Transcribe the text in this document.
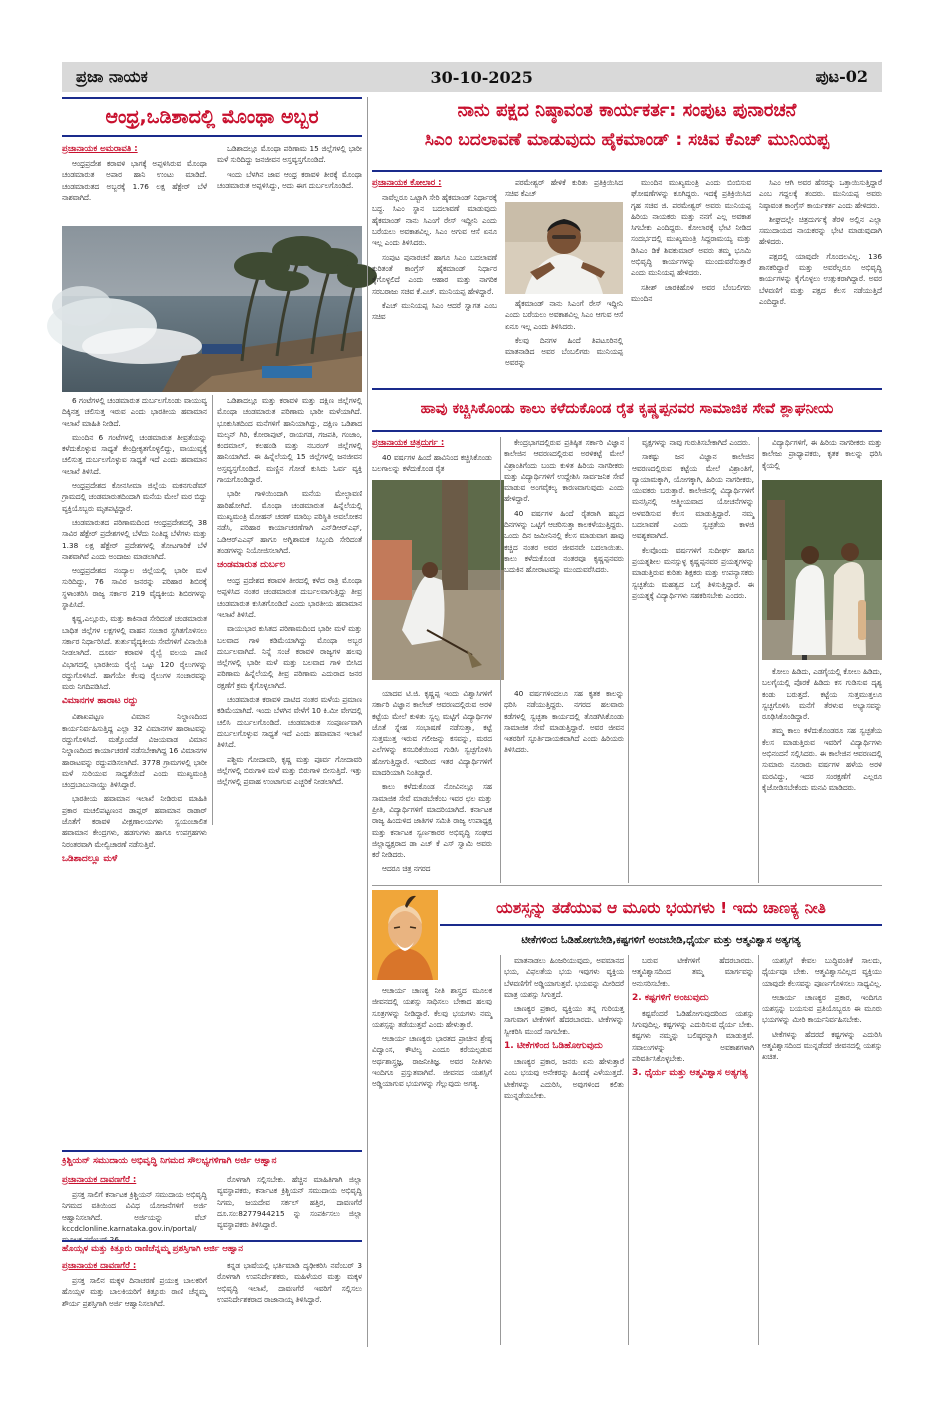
ಪ್ರಜಾ ನಾಯಕ	30-10-2025	ಪುಟ-02
ಆಂಧ್ರ,ಒಡಿಶಾದಲ್ಲಿ ಮೊಂಥಾ ಅಬ್ಬರ
ಪ್ರಜಾನಾಯಕ ಅಮರಾವತಿ :

ಆಂಧ್ರಪ್ರದೇಶ ಕರಾವಳಿ ಭಾಗಕ್ಕೆ ಅಪ್ಪಳಿಸಿರುವ ಮೊಂಥಾ ಚಂಡಮಾರುತ ಅಪಾರ ಹಾನಿ ಉಂಟು ಮಾಡಿದೆ. ಚಂಡಮಾರುತದ ಅಬ್ಬರಕ್ಕೆ 1.76 ಲಕ್ಷ ಹೆಕ್ಟೇರ್ ಬೆಳೆ ನಾಶವಾಗಿದೆ.

ಒಡಿಶಾದಲ್ಲೂ ಮೊಂಥಾ ಪರಿಣಾಮ 15 ಜಿಲ್ಲೆಗಳಲ್ಲಿ ಭಾರೀ ಮಳೆ ಸುರಿದಿದ್ದು ಜನಜೀವನ ಅಸ್ತವ್ಯಸ್ತಗೊಂಡಿದೆ.

ಇಂದು ಬೆಳಗಿನ ಜಾವ ಆಂಧ್ರ ಕರಾವಳಿ ತೀರಕ್ಕೆ ಮೊಂಥಾ ಚಂಡಮಾರುತ ಅಪ್ಪಳಿಸಿದ್ದು, ಅದು ಈಗ ದುರ್ಬಲಗೊಂಡಿದೆ.

6 ಗಂಟೆಗಳಲ್ಲಿ ಚಂಡಮಾರುತ ದುರ್ಬಲಗೊಂಡು ವಾಯುವ್ಯ ದಿಕ್ಕಿನತ್ತ ಚಲಿಸುತ್ತ ಇರುವ ಎಂದು ಭಾರತೀಯ ಹವಾಮಾನ ಇಲಾಖೆ ಮಾಹಿತಿ ನೀಡಿದೆ.

ಮುಂದಿನ 6 ಗಂಟೆಗಳಲ್ಲಿ ಚಂಡಮಾರುತ ತೀವ್ರತೆಯನ್ನು ಕಳೆದುಕೊಳ್ಳುವ ಸಾಧ್ಯತೆ ಕೇಂದ್ರೀಕೃತಗೊಳ್ಳಲಿದ್ದು, ವಾಯುವ್ಯಕ್ಕೆ ಚಲಿಸುತ್ತ ದುರ್ಬಲಗೊಳ್ಳುವ ಸಾಧ್ಯತೆ ಇದೆ ಎಂದು ಹವಾಮಾನ ಇಲಾಖೆ ತಿಳಿಸಿದೆ.

ಆಂಧ್ರಪ್ರದೇಶದ ಕೋನಸೀಮಾ ಜಿಲ್ಲೆಯ ಮಕನಗುಡೆಮ್ ಗ್ರಾಮದಲ್ಲಿ ಚಂಡಮಾರುತದಿಂದಾಗಿ ಮನೆಯ ಮೇಲೆ ಮರ ಬಿದ್ದು ವ್ಯಕ್ತಿಯೊಬ್ಬರು ಮೃತಪಟ್ಟಿದ್ದಾರೆ.

ಚಂಡಮಾರುತದ ಪರಿಣಾಮದಿಂದ ಆಂಧ್ರಪ್ರದೇಶದಲ್ಲಿ 38 ಸಾವಿರ ಹೆಕ್ಟೇರ್ ಪ್ರದೇಶಗಳಲ್ಲಿ ಬೆಳೆದು ನಿಂತಿದ್ದ ಬೆಳೆಗಳು ಮತ್ತು 1.38 ಲಕ್ಷ ಹೆಕ್ಟೇರ್ ಪ್ರದೇಶಗಳಲ್ಲಿ ತೋಟಗಾರಿಕೆ ಬೆಳೆ ನಾಶವಾಗಿವೆ ಎಂದು ಅಂದಾಜು ಮಾಡಲಾಗಿದೆ.

ಆಂಧ್ರಪ್ರದೇಶದ ನಂದ್ಯಾಲ ಜಿಲ್ಲೆಯಲ್ಲಿ ಭಾರೀ ಮಳೆ ಸುರಿದಿದ್ದು, 76 ಸಾವಿರ ಜನರನ್ನು ಪರಿಹಾರ ಶಿಬಿರಕ್ಕೆ ಸ್ಥಳಾಂತರಿಸಿ ರಾಜ್ಯ ಸರ್ಕಾರ 219 ವೈದ್ಯಕೀಯ ಶಿಬಿರಗಳನ್ನು ಸ್ಥಾಪಿಸಿದೆ.

ಕೃಷ್ಣ,ಎಲ್ಲೂರು, ಮತ್ತು ಕಾಕಿನಾಡ ಸೇರಿದಂತೆ ಚಂಡಮಾರುತ ಬಾಧಿತ ಜಿಲ್ಲೆಗಳ ಲಕ್ಷಗಳಲ್ಲಿ ವಾಹನ ಸಂಚಾರ ಸ್ಥಗಿತಗೊಳಿಸಲು ಸರ್ಕಾರ ನಿರ್ಧಾರಿಸಿದೆ. ತುರ್ತುವೈದ್ಯಕೀಯ ಸೇವೆಗಳಿಗೆ ವಿನಾಯಿತಿ ನೀಡಲಾಗಿದೆ. ದೂರ್ವ ಕರಾವಳಿ ರೈಲ್ವೆ ವಲಯ ಪಾಣಿ ವಿಭಾಗದಲ್ಲಿ ಭಾರತೀಯ ರೈಲ್ವೆ ಒಟ್ಟು 120 ರೈಲುಗಳನ್ನು ರದ್ದುಗೊಳಿಸಿದೆ. ಹಾಗೆಯೇ ಕೆಲವು ರೈಲುಗಳ ಸಂಚಾರವನ್ನು ಮರು ನಿಗದಿಪಡಿಸಿದೆ.

ವಿಮಾನಗಳ ಹಾರಾಟ ರದ್ದು

ವಿಶಾಖಪಟ್ಟಣ ವಿಮಾನ ನಿಲ್ದಾಣದಿಂದ ಕಾರ್ಯನಿರ್ವಹಿಸುತ್ತಿದ್ದ ಎಲ್ಲಾ 32 ವಿಮಾನಗಳ ಹಾರಾಟವನ್ನು ರದ್ದುಗೊಳಿಸಿದೆ. ಮತ್ತೊಂದೆಡೆ ವಿಜಯವಾಡ ವಿಮಾನ ನಿಲ್ದಾಣದಿಂದ ಕಾರ್ಯಾಚರಣೆ ನಡೆಸಬೇಕಾಗಿದ್ದ 16 ವಿಮಾನಗಳ ಹಾರಾಟವನ್ನು ರದ್ದುಪಡಿಸಲಾಗಿದೆ. 3778 ಗ್ರಾಮಗಳಲ್ಲಿ ಭಾರೀ ಮಳೆ ಸುರಿಯುವ ಸಾಧ್ಯತೆಯಿದೆ ಎಂದು ಮುಖ್ಯಮಂತ್ರಿ ಚಂದ್ರಬಾಬುನಾಯ್ಡು ತಿಳಿಸಿದ್ದಾರೆ.

ಭಾರತೀಯ ಹವಾಮಾನ ಇಲಾಖೆ ನೀಡಿರುವ ಮಾಹಿತಿ ಪ್ರಕಾರ ಮಚಲಿಪಟ್ಟಣಂನ ಡಾಪ್ಲರ್ ಹವಾಮಾನ ರಾಡಾರ್ ಜೊತೆಗೆ ಕರಾವಳಿ ವೀಕ್ಷಣಾಲಯಗಳು ಸ್ವಯಂಚಾಲಿತ ಹವಾಮಾನ ಕೇಂದ್ರಗಳು, ಹಡಗುಗಳು ಹಾಗೂ ಉಪಗ್ರಹಗಳು ನಿರಂತರವಾಗಿ ಮೇಲ್ವಿಚಾರಣೆ ನಡೆಸುತ್ತಿವೆ.

ಒಡಿಶಾದಲ್ಲೂ ಮಳೆ

ಒಡಿಶಾದಲ್ಲೂ ಮತ್ತು ಕರಾವಳಿ ಮತ್ತು ದಕ್ಷಿಣ ಜಿಲ್ಲೆಗಳಲ್ಲಿ ಮೊಂಥಾ ಚಂಡಮಾರುತ ಪರಿಣಾಮ ಭಾರೀ ಮಳೆಯಾಗಿದೆ. ಭೂಕುಸಿತದಿಂದ ಮನೆಗಳಿಗೆ ಹಾನಿಯಾಗಿದ್ದು, ದಕ್ಷಿಣ ಒಡಿಶಾದ ಮಲ್ಕನ್ ಗಿರಿ, ಕೋರಾಪುಟ್, ರಾಯಗಡ, ಗಜಪತಿ, ಗಂಜಾಂ, ಕಂದಮಾಲ್, ಕಲಹಂಡಿ ಮತ್ತು ನಬರಂಗ್ ಜಿಲ್ಲೆಗಳಲ್ಲಿ ಹಾನಿಯಾಗಿದೆ. ಈ ಹಿನ್ನೆಲೆಯಲ್ಲಿ 15 ಜಿಲ್ಲೆಗಳಲ್ಲಿ ಜನಜೀವನ ಅಸ್ತವ್ಯಸ್ತಗೊಂಡಿದೆ. ಮಣ್ಣಿನ ಗೋಡೆ ಕುಸಿದು ಓರ್ವ ವ್ಯಕ್ತಿ ಗಾಯಗೊಂಡಿದ್ದಾರೆ.

ಭಾರೀ ಗಾಳಿಯಿಂದಾಗಿ ಮನೆಯ ಮೇಲ್ಛಾವಣಿ ಹಾರಿಹೋಗಿದೆ. ಮೊಂಥಾ ಚಂಡಮಾರುತ ಹಿನ್ನೆಲೆಯಲ್ಲಿ ಮುಖ್ಯಮಂತ್ರಿ ಮೋಹನ್ ಚರಣ್ ಮಾಝಿ ಪರಿಸ್ಥಿತಿ ಅವಲೋಕನ ನಡೆಸಿ, ಪರಿಹಾರ ಕಾರ್ಯಾಚರಣೆಗಾಗಿ ಎನ್‌ಡಿಆರ್‌ಎಫ್, ಒಡಿಆರ್‌ಎಎಫ್ ಹಾಗೂ ಅಗ್ನಿಶಾಮಕ ಸಿಬ್ಬಂದಿ ಸೇರಿದಂತೆ ತಂಡಗಳನ್ನು ನಿಯೋಜಿಸಲಾಗಿದೆ.

ಚಂಡಮಾರುತ ದುರ್ಬಲ

ಆಂಧ್ರ ಪ್ರದೇಶದ ಕರಾವಳಿ ತೀರದಲ್ಲಿ ಕಳೆದ ರಾತ್ರಿ ಮೊಂಥಾ ಅಪ್ಪಳಿಸಿದ ನಂತರ ಚಂಡಮಾರುತ ದುರ್ಬಲವಾಗುತ್ತಿದ್ದು ತೀವ್ರ ಚಂಡಮಾರುತ ಕುಸಿತಗೊಂಡಿದೆ ಎಂದು ಭಾರತೀಯ ಹವಾಮಾನ ಇಲಾಖೆ ತಿಳಿಸಿದೆ.

ವಾಯುಭಾರ ಕುಸಿತದ ಪರಿಣಾಮದಿಂದ ಭಾರೀ ಮಳೆ ಮತ್ತು ಬಲವಾದ ಗಾಳಿ ಕಡಿಮೆಯಾಗಿದ್ದು ಮೊಂಥಾ ಅಬ್ಬರ ದುರ್ಬಲವಾಗಿದೆ. ನಿನ್ನೆ ಸಂಜೆ ಕರಾವಳಿ ರಾಜ್ಯಗಳ ಹಲವು ಜಿಲ್ಲೆಗಳಲ್ಲಿ ಭಾರೀ ಮಳೆ ಮತ್ತು ಬಲವಾದ ಗಾಳಿ ಬೀಸಿದ ಪರಿಣಾಮ ಹಿನ್ನೆಲೆಯಲ್ಲಿ ತೀವ್ರ ಪರಿಣಾಮ ಎದುರಾದ ಜನರ ರಕ್ಷಣೆಗೆ ಕ್ರಮ ಕೈಗೊಳ್ಳಲಾಗಿದೆ.

ಚಂಡಮಾರುತ ಕರಾವಳಿ ದಾಟಿದ ನಂತರ ಮಳೆಯ ಪ್ರಮಾಣ ಕಡಿಮೆಯಾಗಿದೆ. ಇಂದು ಬೆಳಗಿನ ವೇಳೆಗೆ 10 ಕಿ.ಮೀ ವೇಗದಲ್ಲಿ ಚಲಿಸಿ ದುರ್ಬಲಗೊಂಡಿದೆ. ಚಂಡಮಾರುತ ಸಂಪೂರ್ಣವಾಗಿ ದುರ್ಬಲಗೊಳ್ಳುವ ಸಾಧ್ಯತೆ ಇದೆ ಎಂದು ಹವಾಮಾನ ಇಲಾಖೆ ತಿಳಿಸಿದೆ.

ಪಶ್ಚಿಮ ಗೋದಾವರಿ, ಕೃಷ್ಣ ಮತ್ತು ಪೂರ್ವ ಗೋದಾವರಿ ಜಿಲ್ಲೆಗಳಲ್ಲಿ ಬಿರುಗಾಳಿ ಮಳೆ ಮತ್ತು ಬಿರುಗಾಳಿ ಬೀಸುತ್ತಿದೆ. ಇತ್ತು ಜಿಲ್ಲೆಗಳಲ್ಲಿ ಪ್ರವಾಹ ಉಂಟಾಗುವ ಎಚ್ಚರಿಕೆ ನೀಡಲಾಗಿದೆ.

ನಾನು ಪಕ್ಷದ ನಿಷ್ಠಾವಂತ ಕಾರ್ಯಕರ್ತ: ಸಂಪುಟ ಪುನಾರಚನೆ
ಸಿಎಂ ಬದಲಾವಣೆ ಮಾಡುವುದು ಹೈಕಮಾಂಡ್ : ಸಚಿವ ಕೆಎಚ್ ಮುನಿಯಪ್ಪ
ಪ್ರಜಾನಾಯಕ ಕೋಲಾರ :

ನಾವೆಲ್ಲರೂ ಒಟ್ಟಾಗಿ ಸೇರಿ ಹೈಕಮಾಂಡ್ ನಿರ್ಧಾರಕ್ಕೆ ಬದ್ಧ. ಸಿಎಂ ಸ್ಥಾನ ಬದಲಾವಣೆ ಮಾಡುವುದು ಹೈಕಮಾಂಡ್ ನಾನು ಸಿಎಂಗೆ ರೇಸ್ ಇದ್ದೀನಿ ಎಂದು ಬರೆಯಲು ಅವಕಾಶವಿಲ್ಲ. ಸಿಎಂ ಅಗುವ ಆಸೆ ಏನೂ ಇಲ್ಲ ಎಂದು ತಿಳಿಸಿದರು.

ಸಂಪುಟ ಪುನಾರಚನೆ ಹಾಗೂ ಸಿಎಂ ಬದಲಾವಣೆ ಕುರಿತಂತೆ ಕಾಂಗ್ರೆಸ್ ಹೈಕಮಾಂಡ್ ನಿರ್ಧಾರ ಕೈಗೊಳ್ಳಲಿದೆ ಎಂದು ಆಹಾರ ಮತ್ತು ನಾಗರಿಕ ಸರಬರಾಜು ಸಚಿವ ಕೆ.ಎಚ್. ಮುನಿಯಪ್ಪ ಹೇಳಿದ್ದಾರೆ.

ಕೆಎಚ್ ಮುನಿಯಪ್ಪ ಸಿಎಂ ಆದರೆ ಸ್ವಾಗತ ಎಂಬ ಸಚಿವ

ಪರಮೇಶ್ವರ್ ಹೇಳಿಕೆ ಕುರಿತು ಪ್ರತಿಕ್ರಿಯಿಸಿದ ಸಚಿವ ಕೆಎಚ್

ಹೈಕಮಾಂಡ್ ನಾನು ಸಿಎಂಗೆ ರೇಸ್ ಇದ್ದೀನಿ ಎಂದು ಬರೆಯಲು ಅವಕಾಶವಿಲ್ಲ ಸಿಎಂ ಆಗುವ ಆಸೆ ಏನೂ ಇಲ್ಲ ಎಂದು ತಿಳಿಸಿದರು.

ಕೆಲವು ದಿನಗಳ ಹಿಂದೆ ತಿಪಟೂರಿನಲ್ಲಿ ಮಾತನಾಡಿದ ಅವರ ಬೆಂಬಲಿಗರು ಮುನಿಯಪ್ಪ ಅವರನ್ನು

ಮುಂದಿನ ಮುಖ್ಯಮಂತ್ರಿ ಎಂದು ಬಿಂಬಿಸುವ ಘೋಷಣೆಗಳನ್ನು ಕೂಗಿದ್ದರು. ಇದಕ್ಕೆ ಪ್ರತಿಕ್ರಿಯಿಸಿದ ಗೃಹ ಸಚಿವ ಜಿ. ಪರಮೇಶ್ವರ್ ಅವರು ಮುನಿಯಪ್ಪ ಹಿರಿಯ ನಾಯಕರು ಮತ್ತು ನನಗೆ ಎಲ್ಲ ಅವಕಾಶ ಸಿಗಬೇಕು ಎಂದಿದ್ದರು. ಕೋಲಾರಕ್ಕೆ ಭೇಟಿ ನೀಡಿದ ಸಂದರ್ಭದಲ್ಲಿ ಮುಖ್ಯಮಂತ್ರಿ ಸಿದ್ದರಾಮಯ್ಯ ಮತ್ತು ಡಿಸಿಎಂ ಡಿಕೆ ಶಿವಕುಮಾರ್ ಅವರು ತಮ್ಮ ಭೂಮಿ ಅಭಿವೃದ್ಧಿ ಕಾರ್ಯಗಳನ್ನು ಮುಂದುವರೆಸುತ್ತಾರೆ ಎಂದು ಮುನಿಯಪ್ಪ ಹೇಳಿದರು.

ಸತೀಶ್ ಜಾರಕಿಹೊಳಿ ಅವರ ಬೆಂಬಲಿಗರು ಮುಂದಿನ

ಸಿಎಂ ಆಗಿ ಅವರ ಹೆಸರನ್ನು ಒತ್ತಾಯಿಸುತ್ತಿದ್ದಾರೆ ಎಂಬ ಗದ್ದಲಕ್ಕೆ ತಂದರು. ಮುನಿಯಪ್ಪ ಅವರು ನಿಷ್ಠಾವಂತ ಕಾಂಗ್ರೆಸ್ ಕಾರ್ಯಕರ್ತ ಎಂದು ಹೇಳಿದರು.

ಶೀಘ್ರದಲ್ಲೇ ಚಿತ್ರದುರ್ಗಕ್ಕೆ ತೆರಳಿ ಅಲ್ಲಿನ ಎಲ್ಲಾ ಸಮುದಾಯದ ನಾಯಕರನ್ನು ಭೇಟಿ ಮಾಡುವುದಾಗಿ ಹೇಳಿದರು.

ಪಕ್ಷದಲ್ಲಿ ಯಾವುದೇ ಗೊಂದಲವಿಲ್ಲ. 136 ಶಾಸಕರಿದ್ದಾರೆ ಮತ್ತು ಅವರೆಲ್ಲರೂ ಅಭಿವೃದ್ಧಿ ಕಾರ್ಯಗಳನ್ನು ಕೈಗೊಳ್ಳಲು ಉತ್ಸುಕರಾಗಿದ್ದಾರೆ. ಅವರ ಬೆಳವಣಿಗೆ ಮತ್ತು ಪಕ್ಷದ ಕೆಲಸ ನಡೆಯುತ್ತಿದೆ ಎಂದಿದ್ದಾರೆ.

ಹಾವು ಕಚ್ಚಿಸಿಕೊಂಡು ಕಾಲು ಕಳೆದುಕೊಂಡ ರೈತ ಕೃಷ್ಣಪ್ಪನವರ ಸಾಮಾಜಿಕ ಸೇವೆ ಶ್ಲಾಘನೀಯ
ಪ್ರಜಾನಾಯಕ ಚಿತ್ರದುರ್ಗ :

40 ವರ್ಷಗಳ ಹಿಂದೆ ಹಾವಿನಿಂದ ಕಚ್ಚಿಸಿಕೊಂಡು ಬಲಗಾಲನ್ನು ಕಳೆದುಕೊಂಡ ರೈತ

ಕೇಂದ್ರಭಾಗದಲ್ಲಿರುವ ಪ್ರತಿಷ್ಠಿತ ಸರ್ಕಾರಿ ವಿಜ್ಞಾನ ಕಾಲೇಜಿನ ಆವರಣದಲ್ಲಿರುವ ಅರಳಿಕಟ್ಟೆ ಮೇಲೆ ವಿಶ್ರಾಂತಿಗೆಂದು ಬಂದು ಕುಳಿತ ಹಿರಿಯ ನಾಗರೀಕರು ಮತ್ತು ವಿದ್ಯಾರ್ಥಿಗಳಿಗೆ ಉದ್ದೇಶಿಸಿ ಸಾರ್ವಜನಿಕ ಸೇವೆ ಮಾಡುವ ಅಂಗವೈಕಲ್ಯ ಕಾರಣವಾಗುವುದು ಎಂದು ಹೇಳಿದ್ದಾರೆ.

40 ವರ್ಷಗಳ ಹಿಂದೆ ರೈತರಾಗಿ ಹಬ್ಬದ ದಿನಗಳನ್ನು ಒಟ್ಟಿಗೆ ಆಚರಿಸುತ್ತಾ ಕಾಲಕಳೆಯುತ್ತಿದ್ದರು. ಒಂದು ದಿನ ಜಮೀನಿನಲ್ಲಿ ಕೆಲಸ ಮಾಡುವಾಗ ಹಾವು ಕಚ್ಚಿದ ನಂತರ ಅವರ ಜೀವನವೇ ಬದಲಾಯಿತು. ಕಾಲು ಕಳೆದುಕೊಂಡ ನಂತರವೂ ಕೃಷ್ಣಪ್ಪನವರು ಬದುಕಿನ ಹೋರಾಟವನ್ನು ಮುಂದುವರೆಸಿದರು.

ಯಾದವ ಟಿ.ಜಿ. ಕೃಷ್ಣಪ್ಪ ಇಂದು ವಿಶ್ವಾಸಿಗಳಿಗೆ ಸರ್ಕಾರಿ ವಿಜ್ಞಾನ ಕಾಲೇಜ್ ಆವರಣದಲ್ಲಿರುವ ಅರಳಿ ಕಟ್ಟೆಯ ಮೇಲೆ ಕುಳಿತು ಸ್ವಲ್ಪ ಮಟ್ಟಿಗೆ ವಿದ್ಯಾರ್ಥಿಗಳ ಜೊತೆ ಸ್ನೇಹ ಸಂಭಾಷಣೆ ನಡೆಸುತ್ತಾ, ಕಟ್ಟೆ ಸುತ್ತಮುತ್ತ ಇರುವ ಗಲೀಜನ್ನು ಕಸವನ್ನು, ಮರದ ಎಲೆಗಳನ್ನು ಕಸಬರಿಕೆಯಿಂದ ಗುಡಿಸಿ ಸ್ವಚ್ಛಗೊಳಿಸಿ ಹೋಗುತ್ತಿದ್ದಾರೆ. ಇದರಿಂದ ಇತರ ವಿದ್ಯಾರ್ಥಿಗಳಿಗೆ ಮಾದರಿಯಾಗಿ ನಿಂತಿದ್ದಾರೆ.

ಕಾಲು ಕಳೆದುಕೊಂಡ ನೋವಿನಲ್ಲೂ ಸಹ ಸಾಮಾಜಿಕ ಸೇವೆ ಮಾಡಬೇಕೆಂಬ ಇವರ ಛಲ ಮತ್ತು ಪ್ರೀತಿ, ವಿದ್ಯಾರ್ಥಿಗಳಿಗೆ ಮಾದರಿಯಾಗಿದೆ. ಕರ್ನಾಟಕ ರಾಜ್ಯ ಹಿಂದುಳಿದ ಜಾತಿಗಳ ಸಮಿತಿ ರಾಜ್ಯ ಉಪಾಧ್ಯಕ್ಷ ಮತ್ತು ಕರ್ನಾಟಕ ಸ್ವರ್ಣಕಾರರ ಅಭಿವೃದ್ಧಿ ಸಂಘದ ಜಿಲ್ಲಾಧ್ಯಕ್ಷರಾದ ಡಾ ಎಚ್ ಕೆ ಎಸ್ ಸ್ವಾಮಿ ಅವರು ಕರೆ ನೀಡಿದರು.

ಆದರೂ ಚಿತ್ರ ನಗರದ

40 ವರ್ಷಗಳಿಂದಲೂ ಸಹ ಕೃತಕ ಕಾಲನ್ನು ಧರಿಸಿ ನಡೆಯುತ್ತಿದ್ದರು. ನಗರದ ಹಲವಾರು ಕಡೆಗಳಲ್ಲಿ ಸ್ವಚ್ಛತಾ ಕಾರ್ಯದಲ್ಲಿ ತೊಡಗಿಸಿಕೊಂಡು ಸಾಮಾಜಿಕ ಸೇವೆ ಮಾಡುತ್ತಿದ್ದಾರೆ. ಅವರ ಜೀವನ ಇತರರಿಗೆ ಸ್ಫೂರ್ತಿದಾಯಕವಾಗಿದೆ ಎಂದು ಹಿರಿಯರು ತಿಳಿಸಿದರು.

ವೃಕ್ಷಗಳನ್ನು ನಾವು ಗುರುತಿಸಬೇಕಾಗಿದೆ ಎಂದರು.

ಸಾಕಷ್ಟು ಜನ ವಿಜ್ಞಾನ ಕಾಲೇಜಿನ ಆವರಣದಲ್ಲಿರುವ ಕಟ್ಟೆಯ ಮೇಲೆ ವಿಶ್ರಾಂತಿಗೆ, ವ್ಯಾಯಾಮಕ್ಕಾಗಿ, ಯೋಗಕ್ಕಾಗಿ, ಹಿರಿಯ ನಾಗರೀಕರು, ಯುವಕರು ಬರುತ್ತಾರೆ. ಕಾಲೇಜಿನಲ್ಲಿ ವಿದ್ಯಾರ್ಥಿಗಳಿಗೆ ಮನಸ್ಸಿನಲ್ಲಿ ಆತ್ಮೀಯವಾದ ಯೋಚನೆಗಳನ್ನು ಅಳವಡಿಸುವ ಕೆಲಸ ಮಾಡುತ್ತಿದ್ದಾರೆ. ನಮ್ಮ ಬದಲಾವಣೆ ಎಂದು ಸ್ವಚ್ಛತೆಯ ಕಾಳಜಿ ಅವಶ್ಯಕವಾಗಿದೆ.

ಕೆಲವೊಂದು ವರ್ಷಗಳಿಗೆ ಸುದೀರ್ಘ ಹಾಗೂ ಪ್ರಯತ್ನಶೀಲ ಮನಸ್ಸುಳ್ಳ ಕೃಷ್ಣಪ್ಪನವರ ಪ್ರಯತ್ನಗಳನ್ನು ಮಾಡುತ್ತಿರುವ ಕುರಿತು ಶಿಕ್ಷಕರು ಮತ್ತು ಉಪನ್ಯಾಸಕರು ಸ್ವಚ್ಛತೆಯ ಮಹತ್ವದ ಬಗ್ಗೆ ತಿಳಿಸುತ್ತಿದ್ದಾರೆ. ಈ ಪ್ರಯತ್ನಕ್ಕೆ ವಿದ್ಯಾರ್ಥಿಗಳು ಸಹಕರಿಸಬೇಕು ಎಂದರು.

ವಿದ್ಯಾರ್ಥಿಗಳಿಗೆ, ಈ ಹಿರಿಯ ನಾಗರೀಕರು ಮತ್ತು ಕಾಲೇಜು ಪ್ರಾಧ್ಯಾಪಕರು, ಕೃತಕ ಕಾಲನ್ನು ಧರಿಸಿ ಕೈಯಲ್ಲಿ

ಕೋಲು ಹಿಡಿದು, ಎಡಗೈಯಲ್ಲಿ ಕೋಲು ಹಿಡಿದು, ಬಲಗೈಯಲ್ಲಿ ಪೊರಕೆ ಹಿಡಿದು ಕಸ ಗುಡಿಸುವ ದೃಶ್ಯ ಕಂಡು ಬರುತ್ತದೆ. ಕಟ್ಟೆಯ ಸುತ್ತಮುತ್ತಲೂ ಸ್ವಚ್ಛಗೊಳಿಸಿ ಮನೆಗೆ ತೆರಳುವ ಅಭ್ಯಾಸವನ್ನು ರೂಢಿಸಿಕೊಂಡಿದ್ದಾರೆ.

ತಮ್ಮ ಕಾಲು ಕಳೆದುಕೊಂಡರೂ ಸಹ ಸ್ವಚ್ಛತೆಯ ಕೆಲಸ ಮಾಡುತ್ತಿರುವ ಇವರಿಗೆ ವಿದ್ಯಾರ್ಥಿಗಳು ಅಭಿನಂದನೆ ಸಲ್ಲಿಸಿದರು. ಈ ಕಾಲೇಜಿನ ಆವರಣದಲ್ಲಿ ಸುಮಾರು ನೂರಾರು ವರ್ಷಗಳ ಹಳೆಯ ಅರಳಿ ಮರವಿದ್ದು, ಇದರ ಸಂರಕ್ಷಣೆಗೆ ಎಲ್ಲರೂ ಕೈಜೋಡಿಸಬೇಕೆಂದು ಮನವಿ ಮಾಡಿದರು.

ಯಶಸ್ಸನ್ನು ತಡೆಯುವ ಆ ಮೂರು ಭಯಗಳು ! ಇದು ಚಾಣಕ್ಯ ನೀತಿ
ಟೀಕೆಗಳಿಂದ ಓಡಿಹೋಗಬೇಡಿ,ಕಷ್ಟಗಳಿಗೆ ಅಂಜಬೇಡಿ,ಧೈರ್ಯ ಮತ್ತು ಆತ್ಮವಿಶ್ವಾಸ ಅತ್ಯಗತ್ಯ

ಆಚಾರ್ಯ ಚಾಣಕ್ಯ ನೀತಿ ಶಾಸ್ತ್ರದ ಮೂಲಕ ಜೀವನದಲ್ಲಿ ಯಶಸ್ಸು ಸಾಧಿಸಲು ಬೇಕಾದ ಹಲವು ಸೂತ್ರಗಳನ್ನು ನೀಡಿದ್ದಾರೆ. ಕೆಲವು ಭಯಗಳು ನಮ್ಮ ಯಶಸ್ಸನ್ನು ತಡೆಯುತ್ತವೆ ಎಂದು ಹೇಳುತ್ತಾರೆ.

ಆಚಾರ್ಯ ಚಾಣಕ್ಯರು ಭಾರತದ ಪ್ರಾಚೀನ ಶ್ರೇಷ್ಠ ವಿದ್ವಾಂಸ, ಕೌಟಿಲ್ಯ ಎಂದೂ ಕರೆಯಲ್ಪಡುವ ಅರ್ಥಶಾಸ್ತ್ರಜ್ಞ, ರಾಜನೀತಿಜ್ಞ. ಅವರ ನೀತಿಗಳು ಇಂದಿಗೂ ಪ್ರಸ್ತುತವಾಗಿವೆ. ಜೀವನದ ಯಶಸ್ಸಿಗೆ ಅಡ್ಡಿಯಾಗುವ ಭಯಗಳನ್ನು ಗೆಲ್ಲುವುದು ಅಗತ್ಯ.

ಮಾತನಾಡಲು ಹಿಂಜರಿಯುವುದು, ಅವಮಾನದ ಭಯ, ವಿಫಲತೆಯ ಭಯ ಇವುಗಳು ವ್ಯಕ್ತಿಯ ಬೆಳವಣಿಗೆಗೆ ಅಡ್ಡಿಯಾಗುತ್ತವೆ. ಭಯವನ್ನು ಮೀರಿದರೆ ಮಾತ್ರ ಯಶಸ್ಸು ಸಿಗುತ್ತದೆ.

ಚಾಣಕ್ಯರ ಪ್ರಕಾರ, ವ್ಯಕ್ತಿಯು ತನ್ನ ಗುರಿಯತ್ತ ಸಾಗುವಾಗ ಟೀಕೆಗಳಿಗೆ ಹೆದರಬಾರದು. ಟೀಕೆಗಳನ್ನು ಸ್ವೀಕರಿಸಿ ಮುಂದೆ ಸಾಗಬೇಕು.

1. ಟೀಕೆಗಳಿಂದ ಓಡಿಹೋಗುವುದು

ಚಾಣಕ್ಯರ ಪ್ರಕಾರ, ಜನರು ಏನು ಹೇಳುತ್ತಾರೆ ಎಂಬ ಭಯವು ಅನೇಕರನ್ನು ಹಿಂದಕ್ಕೆ ಎಳೆಯುತ್ತದೆ. ಟೀಕೆಗಳನ್ನು ಎದುರಿಸಿ, ಅವುಗಳಿಂದ ಕಲಿತು ಮುನ್ನಡೆಯಬೇಕು.

ಬರುವ ಟೀಕೆಗಳಿಗೆ ಹೆದರಬಾರದು. ಆತ್ಮವಿಶ್ವಾಸದಿಂದ ತಮ್ಮ ಮಾರ್ಗವನ್ನು ಅನುಸರಿಸಬೇಕು.

2. ಕಷ್ಟಗಳಿಗೆ ಅಂಜುವುದು

ಕಷ್ಟವೆಂದರೆ ಓಡಿಹೋಗುವುದರಿಂದ ಯಶಸ್ಸು ಸಿಗುವುದಿಲ್ಲ. ಕಷ್ಟಗಳನ್ನು ಎದುರಿಸುವ ಧೈರ್ಯ ಬೇಕು. ಕಷ್ಟಗಳು ನಮ್ಮನ್ನು ಬಲಿಷ್ಠರನ್ನಾಗಿ ಮಾಡುತ್ತವೆ. ಸವಾಲುಗಳನ್ನು ಅವಕಾಶಗಳಾಗಿ ಪರಿವರ್ತಿಸಿಕೊಳ್ಳಬೇಕು.

3. ಧೈರ್ಯ ಮತ್ತು ಆತ್ಮವಿಶ್ವಾಸ ಅತ್ಯಗತ್ಯ

ಯಶಸ್ಸಿಗೆ ಕೇವಲ ಬುದ್ಧಿವಂತಿಕೆ ಸಾಲದು, ಧೈರ್ಯವೂ ಬೇಕು. ಆತ್ಮವಿಶ್ವಾಸವಿಲ್ಲದ ವ್ಯಕ್ತಿಯು ಯಾವುದೇ ಕೆಲಸವನ್ನು ಪೂರ್ಣಗೊಳಿಸಲು ಸಾಧ್ಯವಿಲ್ಲ.

ಆಚಾರ್ಯ ಚಾಣಕ್ಯರ ಪ್ರಕಾರ, ಇಂದಿಗೂ ಯಶಸ್ಸನ್ನು ಬಯಸುವ ಪ್ರತಿಯೊಬ್ಬರೂ ಈ ಮೂರು ಭಯಗಳನ್ನು ಮೀರಿ ಕಾರ್ಯನಿರ್ವಹಿಸಬೇಕು.

ಟೀಕೆಗಳನ್ನು ಹೆದರದೆ ಕಷ್ಟಗಳನ್ನು ಎದುರಿಸಿ ಆತ್ಮವಿಶ್ವಾಸದಿಂದ ಮುನ್ನಡೆದರೆ ಜೀವನದಲ್ಲಿ ಯಶಸ್ಸು ಖಚಿತ.

ಕ್ರಿಶ್ಚಿಯನ್ ಸಮುದಾಯ ಅಭಿವೃದ್ಧಿ ನಿಗಮದ ಸೌಲಭ್ಯಗಳಿಗಾಗಿ ಅರ್ಜಿ ಆಹ್ವಾನ
ಪ್ರಜಾನಾಯಕ ದಾವಣಗೆರೆ :

ಪ್ರಸಕ್ತ ಸಾಲಿಗೆ ಕರ್ನಾಟಕ ಕ್ರಿಶ್ಚಿಯನ್ ಸಮುದಾಯ ಅಭಿವೃದ್ಧಿ ನಿಗಮದ ವತಿಯಿಂದ ವಿವಿಧ ಯೋಜನೆಗಳಿಗೆ ಅರ್ಜಿ ಆಹ್ವಾನಿಸಲಾಗಿದೆ. ಅರ್ಜಿಯನ್ನು ವೆಬ್ kccdclonline.karnataka.gov.in/portal/ ಮೂಲಕ ನವೆಂಬರ್ 26

ರೊಳಗಾಗಿ ಸಲ್ಲಿಸಬೇಕು. ಹೆಚ್ಚಿನ ಮಾಹಿತಿಗಾಗಿ ಜಿಲ್ಲಾ ವ್ಯವಸ್ಥಾಪಕರು, ಕರ್ನಾಟಕ ಕ್ರಿಶ್ಚಿಯನ್ ಸಮುದಾಯ ಅಭಿವೃದ್ಧಿ ನಿಗಮ, ಜಯದೇವ ಸರ್ಕಲ್ ಹತ್ತಿರ, ದಾವಣಗೆರೆ ದೂ.ಸಂ:8277944215 ನ್ನು ಸಂಪರ್ಕಿಸಲು ಜಿಲ್ಲಾ ವ್ಯವಸ್ಥಾಪಕರು ತಿಳಿಸಿದ್ದಾರೆ.

ಹೊಯ್ಸಳ ಮತ್ತು ಕಿತ್ತೂರು ರಾಣಿಚೆನ್ನಮ್ಮ ಪ್ರಶಸ್ತಿಗಾಗಿ ಅರ್ಜಿ ಆಹ್ವಾನ
ಪ್ರಜಾನಾಯಕ ದಾವಣಗೆರೆ :

ಪ್ರಸಕ್ತ ಸಾಲಿನ ಮಕ್ಕಳ ದಿನಾಚರಣೆ ಪ್ರಯುಕ್ತ ಬಾಲಕರಿಗೆ ಹೊಯ್ಸಳ ಮತ್ತು ಬಾಲಕಿಯರಿಗೆ ಕಿತ್ತೂರು ರಾಣಿ ಚೆನ್ನಮ್ಮ ಶೌರ್ಯ ಪ್ರಶಸ್ತಿಗಾಗಿ ಅರ್ಜಿ ಆಹ್ವಾನಿಸಲಾಗಿದೆ.

ಕನ್ನಡ ಭಾಷೆಯಲ್ಲಿ ಭರ್ತಿಮಾಡಿ ದೃಢೀಕರಿಸಿ ನವೆಂಬರ್ 3 ರೊಳಗಾಗಿ ಉಪನಿರ್ದೇಶಕರು, ಮಹಿಳೆಯರ ಮತ್ತು ಮಕ್ಕಳ ಅಭಿವೃದ್ಧಿ ಇಲಾಖೆ, ದಾವಣಗೆರೆ ಇವರಿಗೆ ಸಲ್ಲಿಸಲು ಉಪನಿರ್ದೇಶಕರಾದ ರಾಜಾನಾಯ್ಕ ತಿಳಿಸಿದ್ದಾರೆ.
